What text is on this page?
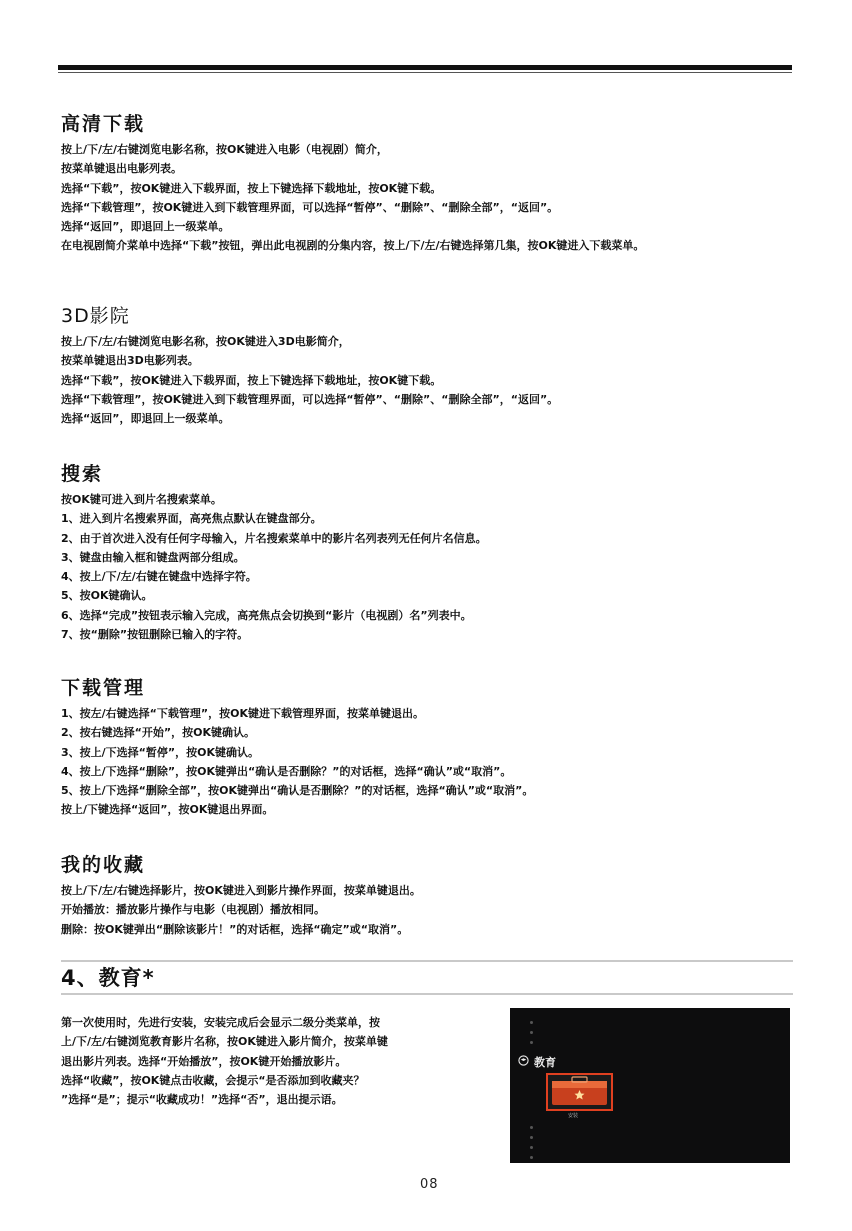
高清下载
按上/下/左/右键浏览电影名称，按OK键进入电影（电视剧）简介，
按菜单键退出电影列表。
选择“下载”，按OK键进入下载界面，按上下键选择下载地址，按OK键下载。
选择“下载管理”，按OK键进入到下载管理界面，可以选择“暂停”、“删除”、“删除全部”，“返回”。
选择“返回”，即退回上一级菜单。
在电视剧简介菜单中选择“下载”按钮，弹出此电视剧的分集内容，按上/下/左/右键选择第几集，按OK键进入下载菜单。
3D影院
按上/下/左/右键浏览电影名称，按OK键进入3D电影简介，
按菜单键退出3D电影列表。
选择“下载”，按OK键进入下载界面，按上下键选择下载地址，按OK键下载。
选择“下载管理”，按OK键进入到下载管理界面，可以选择“暂停”、“删除”、“删除全部”，“返回”。
选择“返回”，即退回上一级菜单。
搜索
按OK键可进入到片名搜索菜单。
1、进入到片名搜索界面，高亮焦点默认在键盘部分。
2、由于首次进入没有任何字母输入，片名搜索菜单中的影片名列表列无任何片名信息。
3、键盘由输入框和键盘两部分组成。
4、按上/下/左/右键在键盘中选择字符。
5、按OK键确认。
6、选择“完成”按钮表示输入完成，高亮焦点会切换到“影片（电视剧）名”列表中。
7、按“删除”按钮删除已输入的字符。
下载管理
1、按左/右键选择“下载管理”，按OK键进下载管理界面，按菜单键退出。
2、按右键选择“开始”，按OK键确认。
3、按上/下选择“暂停”，按OK键确认。
4、按上/下选择“删除”，按OK键弹出“确认是否删除？”的对话框，选择“确认”或“取消”。
5、按上/下选择“删除全部”，按OK键弹出“确认是否删除？”的对话框，选择“确认”或“取消”。
按上/下键选择“返回”，按OK键退出界面。
我的收藏
按上/下/左/右键选择影片，按OK键进入到影片操作界面，按菜单键退出。
开始播放：播放影片操作与电影（电视剧）播放相同。
删除：按OK键弹出“删除该影片！”的对话框，选择“确定”或“取消”。
4、教育*
第一次使用时，先进行安装，安装完成后会显示二级分类菜单，按
上/下/左/右键浏览教育影片名称，按OK键进入影片简介，按菜单键
退出影片列表。选择“开始播放”，按OK键开始播放影片。
选择“收藏”，按OK键点击收藏，会提示“是否添加到收藏夹？
”选择“是”；提示“收藏成功！”选择“否”，退出提示语。
教育
安装
08
